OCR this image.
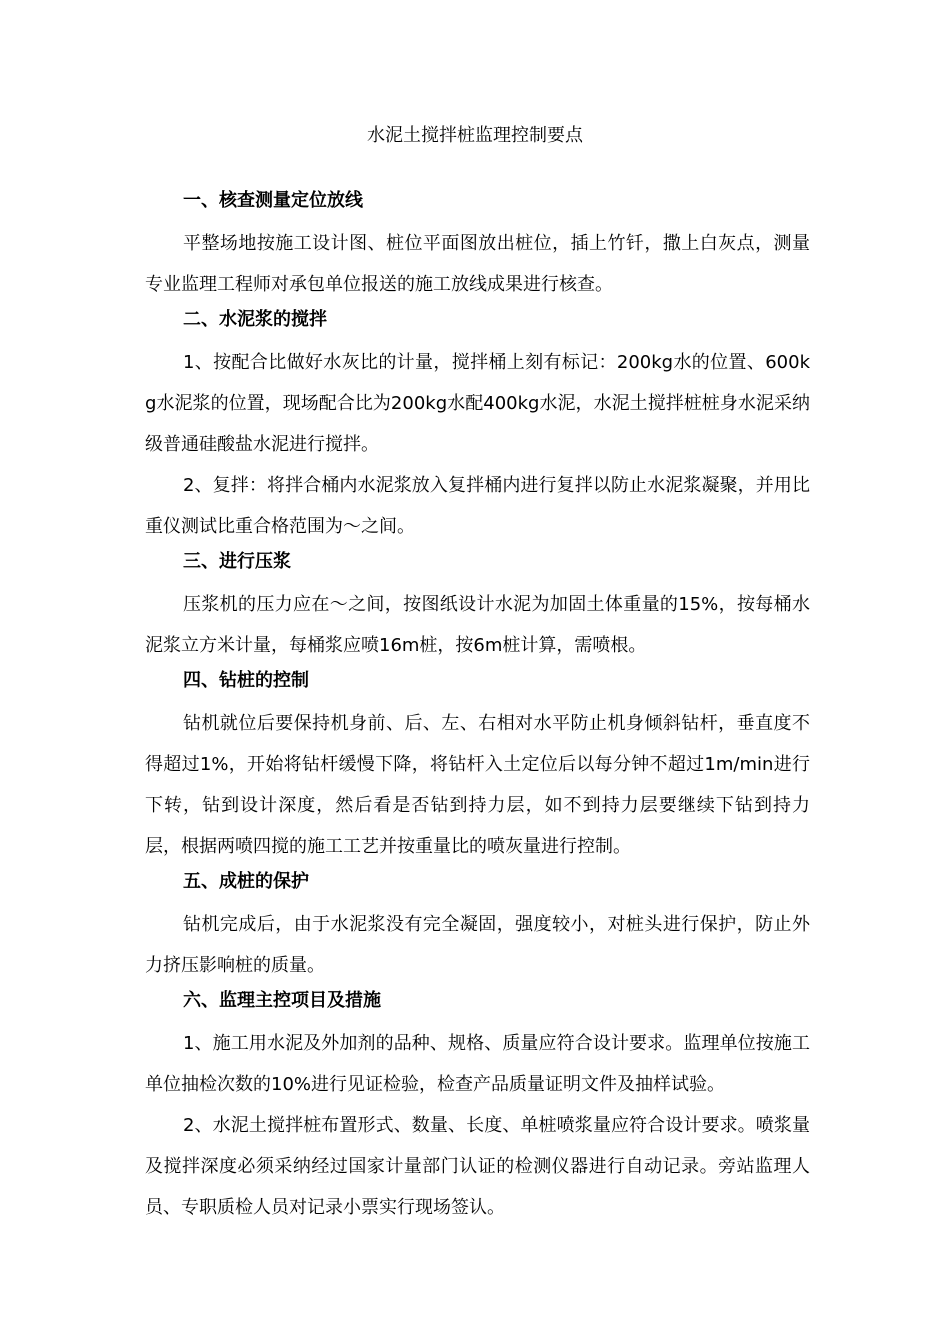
水泥土搅拌桩监理控制要点
一、核查测量定位放线

平整场地按施工设计图、桩位平面图放出桩位，插上竹钎，撒上白灰点，测量专业监理工程师对承包单位报送的施工放线成果进行核查。

二、水泥浆的搅拌

1、按配合比做好水灰比的计量，搅拌桶上刻有标记：200kg水的位置、600kg水泥浆的位置，现场配合比为200kg水配400kg水泥，水泥土搅拌桩桩身水泥采纳级普通硅酸盐水泥进行搅拌。

2、复拌：将拌合桶内水泥浆放入复拌桶内进行复拌以防止水泥浆凝聚，并用比重仪测试比重合格范围为～之间。

三、进行压浆

压浆机的压力应在～之间，按图纸设计水泥为加固土体重量的15%，按每桶水泥浆立方米计量，每桶浆应喷16m桩，按6m桩计算，需喷根。

四、钻桩的控制

钻机就位后要保持机身前、后、左、右相对水平防止机身倾斜钻杆，垂直度不得超过1%，开始将钻杆缓慢下降，将钻杆入土定位后以每分钟不超过1m/min进行下转，钻到设计深度，然后看是否钻到持力层，如不到持力层要继续下钻到持力层，根据两喷四搅的施工工艺并按重量比的喷灰量进行控制。

五、成桩的保护

钻机完成后，由于水泥浆没有完全凝固，强度较小，对桩头进行保护，防止外力挤压影响桩的质量。

六、监理主控项目及措施

1、施工用水泥及外加剂的品种、规格、质量应符合设计要求。监理单位按施工单位抽检次数的10%进行见证检验，检查产品质量证明文件及抽样试验。

2、水泥土搅拌桩布置形式、数量、长度、单桩喷浆量应符合设计要求。喷浆量及搅拌深度必须采纳经过国家计量部门认证的检测仪器进行自动记录。旁站监理人员、专职质检人员对记录小票实行现场签认。
